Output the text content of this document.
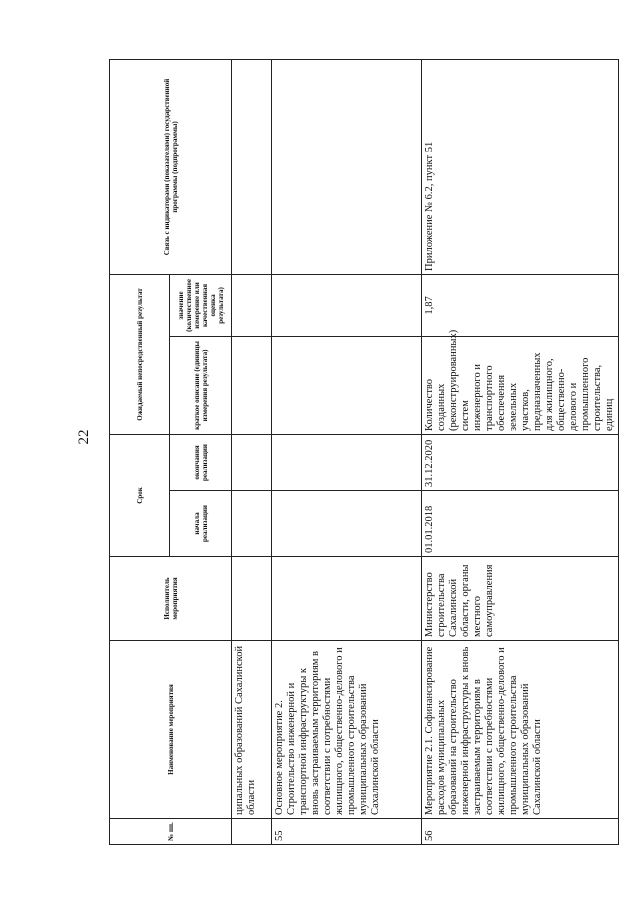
22
№ пп.	Наименование мероприятия	Исполнитель мероприятия	Срок		Ожидаемый непосредственный результат		Связь с индикаторами (показателями) государственной программы (подпрограммы)
			начала реализации	окончания реализации	краткое описание (единицы измерения результата)	значение (количественное измерение или качественная оценка результата)	
	ципальных образований Сахалинской области						
55	Основное мероприятие 2. Строительство инженерной и транспортной инфраструктуры к вновь застраиваемым территориям в соответствии с потребностями жилищного, общественно-делового и промышленного строительства муниципальных образований Сахалинской области						
56	Мероприятие 2.1. Софинансирование расходов муниципальных образований на строительство инженерной инфраструктуры к вновь застраиваемым территориям в соответствии с потребностями жилищного, общественно-делового и промышленного строительства муниципальных образований Сахалинской области	Министерство строительства Сахалинской области, органы местного самоуправления	01.01.2018	31.12.2020	Количество созданных (реконструированных) систем инженерного и транспортного обеспечения земельных участков, предназначенных для жилищного, общественно-делового и промышленного строительства, единиц	1,87	Приложение № 6.2, пункт 51
